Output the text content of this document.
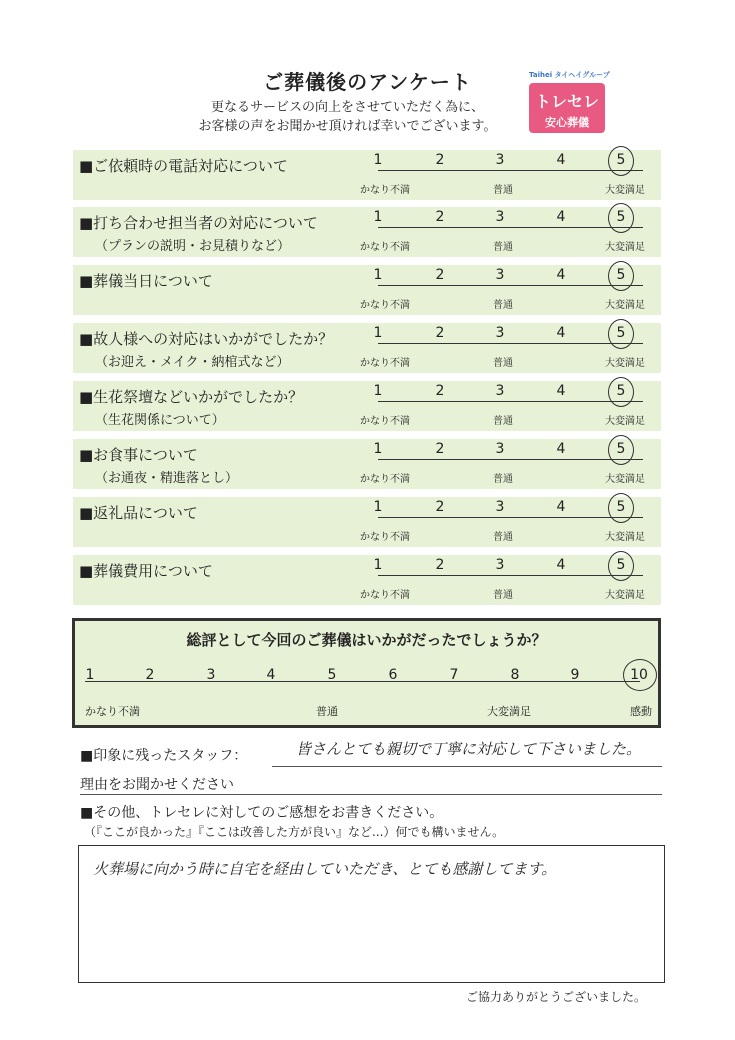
ご葬儀後のアンケート
更なるサービスの向上をさせていただく為に、
お客様の声をお聞かせ頂ければ幸いでございます。
Taihei タイヘイグループ
トレセレ
安心葬儀
■ご依頼時の電話対応について	1	2	3	4	5
かなり不満	普通	大変満足
■打ち合わせ担当者の対応について
（プランの説明・お見積りなど）
1	2	3	4	5
かなり不満	普通	大変満足
■葬儀当日について	1	2	3	4	5
かなり不満	普通	大変満足
■故人様への対応はいかがでしたか？
（お迎え・メイク・納棺式など）
1	2	3	4	5
かなり不満	普通	大変満足
■生花祭壇などいかがでしたか？
（生花関係について）
1	2	3	4	5
かなり不満	普通	大変満足
■お食事について
（お通夜・精進落とし）
1	2	3	4	5
かなり不満	普通	大変満足
■返礼品について	1	2	3	4	5
かなり不満	普通	大変満足
■葬儀費用について	1	2	3	4	5
かなり不満	普通	大変満足
総評として今回のご葬儀はいかがだったでしょうか？
1	2	3	4	5	6	7	8	9	10
かなり不満	普通	大変満足	感動
■印象に残ったスタッフ：	皆さんとても親切で丁寧に対応して下さいました。
理由をお聞かせください
■その他、トレセレに対してのご感想をお書きください。
（『ここが良かった』『ここは改善した方が良い』など...）何でも構いません。
火葬場に向かう時に自宅を経由していただき、とても感謝してます。
ご協力ありがとうございました。
